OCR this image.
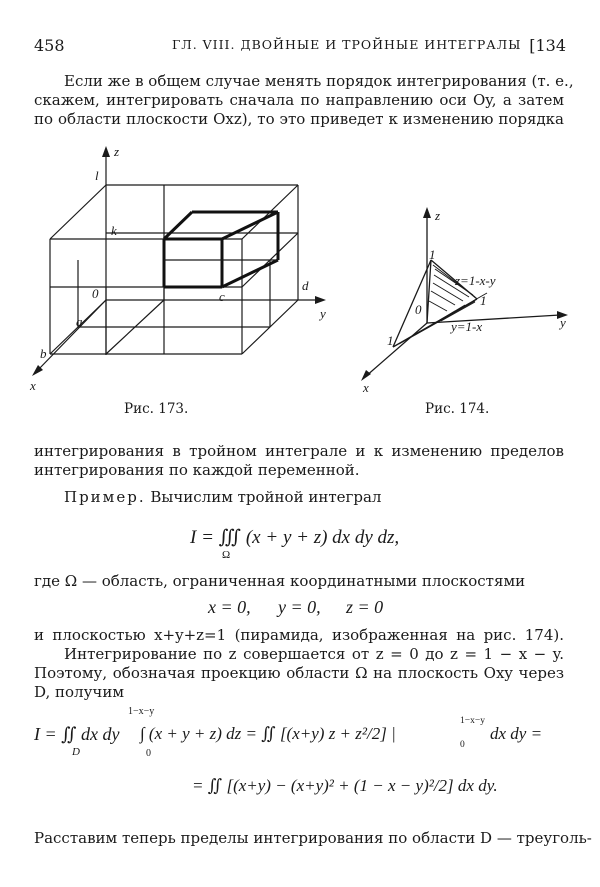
458	ГЛ. VIII. ДВОЙНЫЕ И ТРОЙНЫЕ ИНТЕГРАЛЫ [134
Если же в общем случае менять порядок интегрирования (т. е.,
скажем, интегрировать сначала по направлению оси Oy, а затем
по области плоскости Oxz), то это приведет к изменению порядка
z
l
k
0	c
d
y
a
b
x
Рис. 173.
z
1
z=1-x-y
0
1
y=1-x
1
y
x
Рис. 174.
интегрирования в тройном интеграле и к изменению пределов
интегрирования по каждой переменной.
Пример. Вычислим тройной интеграл
I = ∭ (x + y + z) dx dy dz,
Ω
где Ω — область, ограниченная координатными плоскостями
x = 0, y = 0, z = 0
и плоскостью x+y+z=1 (пирамида, изображенная на рис. 174).
Интегрирование по z совершается от z = 0 до z = 1 − x − y.
Поэтому, обозначая проекцию области Ω на плоскость Oxy через
D, получим
I = ∬ dx dy
D
1−x−y
0
∫ (x + y + z) dz = ∬ [(x+y) z + z²/2] |
1−x−y
0
dx dy =
= ∬ [(x+y) − (x+y)² + (1 − x − y)²/2] dx dy.
Расставим теперь пределы интегрирования по области D — треуголь-
